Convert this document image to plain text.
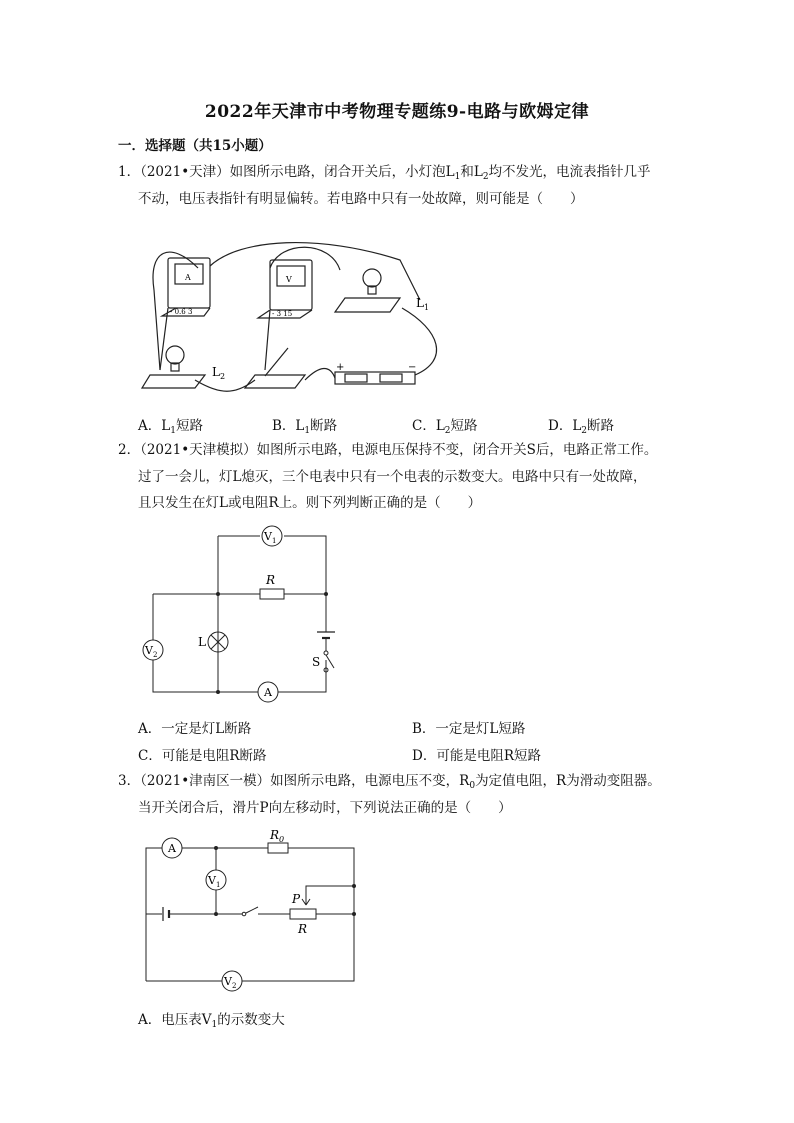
2022年天津市中考物理专题练9-电路与欧姆定律
一．选择题（共15小题）
1．（2021•天津）如图所示电路，闭合开关后，小灯泡$L_1$和$L_2$均不发光，电流表指针几乎
不动，电压表指针有明显偏转。若电路中只有一处故障，则可能是（　　）
A	V
- 0.6 3	- 3 15
$L_1$
$L_2$
+	−
A．$L_1$短路	B．$L_1$断路	C．$L_2$短路	D．$L_2$断路
2．（2021•天津模拟）如图所示电路，电源电压保持不变，闭合开关S后，电路正常工作。
过了一会儿，灯L熄灭，三个电表中只有一个电表的示数变大。电路中只有一处故障，
且只发生在灯L或电阻R上。则下列判断正确的是（　　）
$V_1$
$V_2$
A
R
L
S
A．一定是灯L断路	B．一定是灯L短路
C．可能是电阻R断路	D．可能是电阻R短路
3．（2021•津南区一模）如图所示电路，电源电压不变，$R_0$为定值电阻，R为滑动变阻器。
当开关闭合后，滑片P向左移动时，下列说法正确的是（　　）
A
$V_1$
$V_2$
$R_0$
P
R
A．电压表$V_1$的示数变大
